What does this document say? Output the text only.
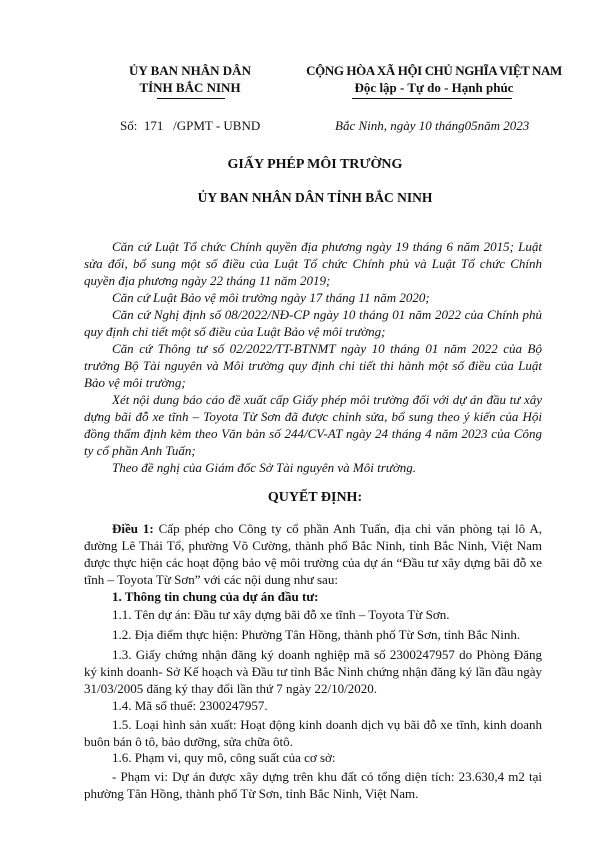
ỦY BAN NHÂN DÂN
TỈNH BẮC NINH
CỘNG HÒA XÃ HỘI CHỦ NGHĨA VIỆT NAM
Độc lập - Tự do - Hạnh phúc
Số:  171   /GPMT - UBND	Bắc Ninh, ngày 10 tháng05năm 2023
GIẤY PHÉP MÔI TRƯỜNG
ỦY BAN NHÂN DÂN TỈNH BẮC NINH
Căn cứ Luật Tổ chức Chính quyền địa phương ngày 19 tháng 6 năm 2015; Luật sửa đổi, bổ sung một số điều của Luật Tổ chức Chính phủ và Luật Tổ chức Chính quyền địa phương ngày 22 tháng 11 năm 2019;
Căn cứ Luật Bảo vệ môi trường ngày 17 tháng 11 năm 2020;
Căn cứ Nghị định số 08/2022/NĐ-CP ngày 10 tháng 01 năm 2022 của Chính phủ quy định chi tiết một số điều của Luật Bảo vệ môi trường;
Căn cứ Thông tư số 02/2022/TT-BTNMT ngày 10 tháng 01 năm 2022 của Bộ trưởng Bộ Tài nguyên và Môi trường quy định chi tiết thi hành một số điều của Luật Bảo vệ môi trường;
Xét nội dung báo cáo đề xuất cấp Giấy phép môi trường đối với dự án đầu tư xây dựng bãi đỗ xe tĩnh – Toyota Từ Sơn đã được chỉnh sửa, bổ sung theo ý kiến của Hội đồng thẩm định kèm theo Văn bản số 244/CV-AT ngày 24 tháng 4 năm 2023 của Công ty cổ phần Anh Tuấn;
Theo đề nghị của Giám đốc Sở Tài nguyên và Môi trường.
QUYẾT ĐỊNH:
Điều 1: Cấp phép cho Công ty cổ phần Anh Tuấn, địa chỉ văn phòng tại lô A, đường Lê Thái Tổ, phường Võ Cường, thành phố Bắc Ninh, tỉnh Bắc Ninh, Việt Nam được thực hiện các hoạt động bảo vệ môi trường của dự án “Đầu tư xây dựng bãi đỗ xe tĩnh – Toyota Từ Sơn” với các nội dung như sau:
1. Thông tin chung của dự án đầu tư:
1.1. Tên dự án: Đầu tư xây dựng bãi đỗ xe tĩnh – Toyota Từ Sơn.
1.2. Địa điểm thực hiện: Phường Tân Hồng, thành phố Từ Sơn, tỉnh Bắc Ninh.
1.3. Giấy chứng nhận đăng ký doanh nghiệp mã số 2300247957 do Phòng Đăng ký kinh doanh- Sở Kế hoạch và Đầu tư tỉnh Bắc Ninh chứng nhận đăng ký lần đầu ngày 31/03/2005 đăng ký thay đổi lần thứ 7 ngày 22/10/2020.
1.4. Mã số thuế: 2300247957.
1.5. Loại hình sản xuất: Hoạt động kinh doanh dịch vụ bãi đỗ xe tĩnh, kinh doanh buôn bán ô tô, bảo dưỡng, sửa chữa ôtô.
1.6. Phạm vi, quy mô, công suất của cơ sở:
- Phạm vi: Dự án được xây dựng trên khu đất có tổng diện tích: 23.630,4 m2 tại phường Tân Hồng, thành phố Từ Sơn, tỉnh Bắc Ninh, Việt Nam.
